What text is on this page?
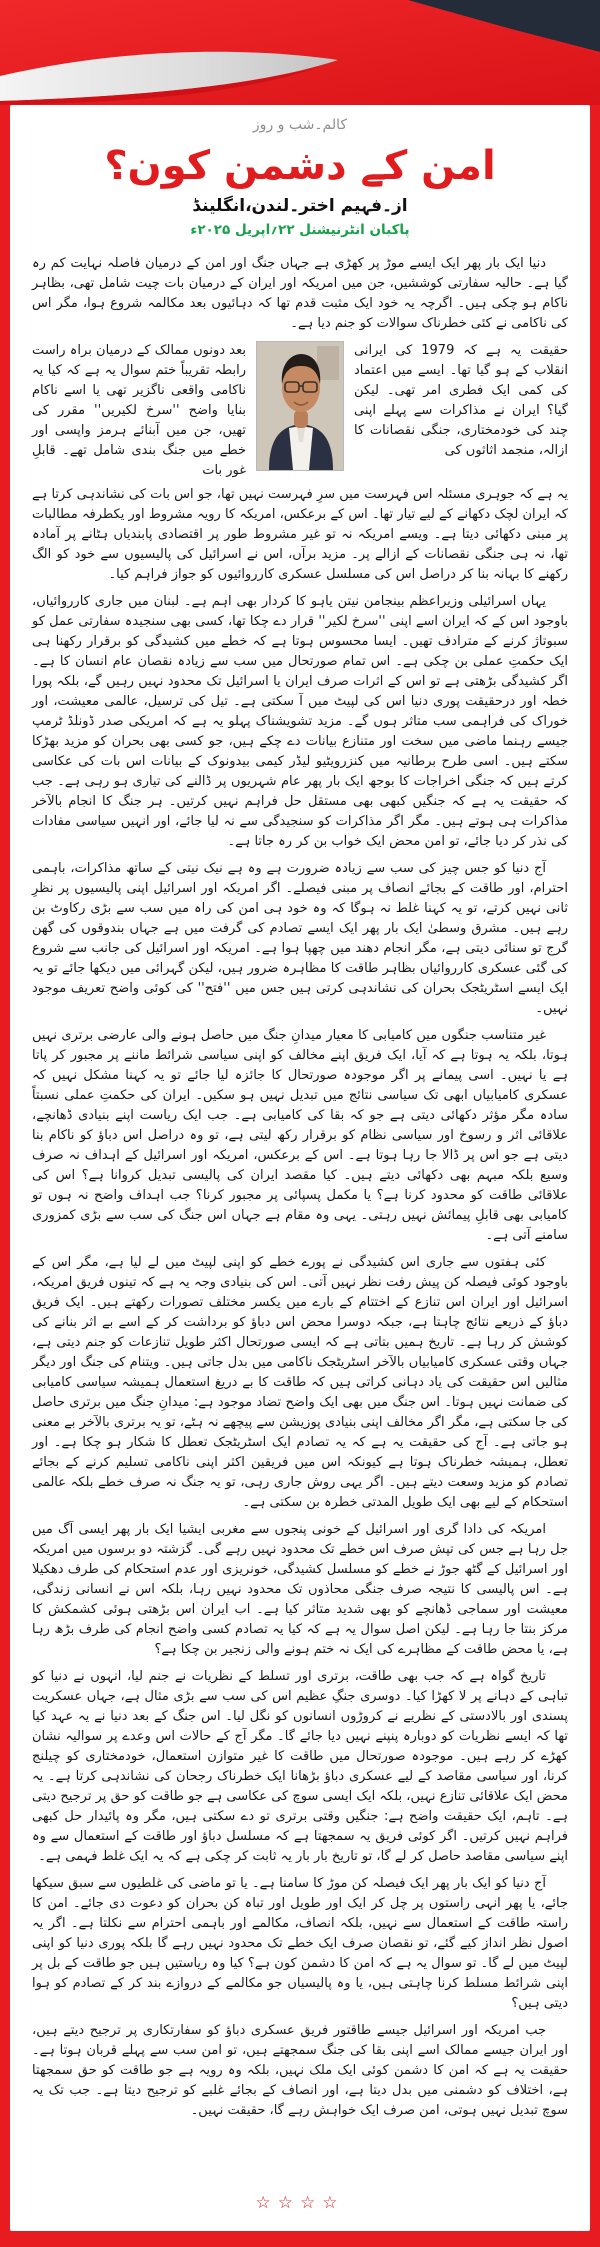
کالم۔شب و روز
امن کے دشمن کون؟
از۔فہیم اختر۔لندن،انگلینڈ
پاکبان انٹرنیشنل ۲۲؍اپریل ۲۰۲۵ء

دنیا ایک بار پھر ایک ایسے موڑ پر کھڑی ہے جہاں جنگ اور امن کے درمیان فاصلہ نہایت کم رہ گیا ہے۔ حالیہ سفارتی کوششیں، جن میں امریکہ اور ایران کے درمیان بات چیت شامل تھی، بظاہر ناکام ہو چکی ہیں۔ اگرچہ یہ خود ایک مثبت قدم تھا کہ دہائیوں بعد مکالمہ شروع ہوا، مگر اس کی ناکامی نے کئی خطرناک سوالات کو جنم دیا ہے۔

حقیقت یہ ہے کہ 1979 کی ایرانی انقلاب کے ہو گیا تھا۔ ایسے میں اعتماد کی کمی ایک فطری امر تھی۔ لیکن گیا؟ ایران نے مذاکرات سے پہلے اپنی چند کی خودمختاری، جنگی نقصانات کا ازالہ، منجمد اثاثوں کی
بعد دونوں ممالک کے درمیان براہ راست رابطہ تقریباً ختم سوال یہ ہے کہ کیا یہ ناکامی واقعی ناگزیر تھی یا اسے ناکام بنایا واضح ''سرخ لکیریں'' مقرر کی تھیں، جن میں آبنائے ہرمز واپسی اور خطے میں جنگ بندی شامل تھے۔ قابلِ غور بات

یہ ہے کہ جوہری مسئلہ اس فہرست میں سرِ فہرست نہیں تھا، جو اس بات کی نشاندہی کرتا ہے کہ ایران لچک دکھانے کے لیے تیار تھا۔ اس کے برعکس، امریکہ کا رویہ مشروط اور یکطرفہ مطالبات پر مبنی دکھائی دیتا ہے۔ ویسے امریکہ نہ تو غیر مشروط طور پر اقتصادی پابندیاں ہٹانے پر آمادہ تھا، نہ ہی جنگی نقصانات کے ازالے پر۔ مزید برآں، اس نے اسرائیل کی پالیسیوں سے خود کو الگ رکھنے کا بہانہ بنا کر دراصل اس کی مسلسل عسکری کارروائیوں کو جواز فراہم کیا۔

یہاں اسرائیلی وزیراعظم بینجامن نیتن یاہو کا کردار بھی اہم ہے۔ لبنان میں جاری کارروائیاں، باوجود اس کے کہ ایران اسے اپنی ''سرخ لکیر'' قرار دے چکا تھا، کسی بھی سنجیدہ سفارتی عمل کو سبوتاژ کرنے کے مترادف تھیں۔ ایسا محسوس ہوتا ہے کہ خطے میں کشیدگی کو برقرار رکھنا ہی ایک حکمتِ عملی بن چکی ہے۔ اس تمام صورتحال میں سب سے زیادہ نقصان عام انسان کا ہے۔ اگر کشیدگی بڑھتی ہے تو اس کے اثرات صرف ایران یا اسرائیل تک محدود نہیں رہیں گے، بلکہ پورا خطہ اور درحقیقت پوری دنیا اس کی لپیٹ میں آ سکتی ہے۔ تیل کی ترسیل، عالمی معیشت، اور خوراک کی فراہمی سب متاثر ہوں گے۔ مزید تشویشناک پہلو یہ ہے کہ امریکی صدر ڈونلڈ ٹرمپ جیسے رہنما ماضی میں سخت اور متنازع بیانات دے چکے ہیں، جو کسی بھی بحران کو مزید بھڑکا سکتے ہیں۔ اسی طرح برطانیہ میں کنزرویٹیو لیڈر کیمی بیدونوک کے بیانات اس بات کی عکاسی کرتے ہیں کہ جنگی اخراجات کا بوجھ ایک بار پھر عام شہریوں پر ڈالنے کی تیاری ہو رہی ہے۔ جب کہ حقیقت یہ ہے کہ جنگیں کبھی بھی مستقل حل فراہم نہیں کرتیں۔ ہر جنگ کا انجام بالآخر مذاکرات ہی ہوتے ہیں۔ مگر اگر مذاکرات کو سنجیدگی سے نہ لیا جائے، اور انہیں سیاسی مفادات کی نذر کر دیا جائے، تو امن محض ایک خواب بن کر رہ جاتا ہے۔

آج دنیا کو جس چیز کی سب سے زیادہ ضرورت ہے وہ ہے نیک نیتی کے ساتھ مذاکرات، باہمی احترام، اور طاقت کے بجائے انصاف پر مبنی فیصلے۔ اگر امریکہ اور اسرائیل اپنی پالیسیوں پر نظرِ ثانی نہیں کرتے، تو یہ کہنا غلط نہ ہوگا کہ وہ خود ہی امن کی راہ میں سب سے بڑی رکاوٹ بن رہے ہیں۔ مشرق وسطیٰ ایک بار پھر ایک ایسے تصادم کی گرفت میں ہے جہاں بندوقوں کی گھن گرج تو سنائی دیتی ہے، مگر انجام دھند میں چھپا ہوا ہے۔ امریکہ اور اسرائیل کی جانب سے شروع کی گئی عسکری کارروائیاں بظاہر طاقت کا مظاہرہ ضرور ہیں، لیکن گہرائی میں دیکھا جائے تو یہ ایک ایسے اسٹریٹجک بحران کی نشاندہی کرتی ہیں جس میں ''فتح'' کی کوئی واضح تعریف موجود نہیں۔

غیر متناسب جنگوں میں کامیابی کا معیار میدانِ جنگ میں حاصل ہونے والی عارضی برتری نہیں ہوتا، بلکہ یہ ہوتا ہے کہ آیا، ایک فریق اپنے مخالف کو اپنی سیاسی شرائط ماننے پر مجبور کر پاتا ہے یا نہیں۔ اسی پیمانے پر اگر موجودہ صورتحال کا جائزہ لیا جائے تو یہ کہنا مشکل نہیں کہ عسکری کامیابیاں ابھی تک سیاسی نتائج میں تبدیل نہیں ہو سکیں۔ ایران کی حکمتِ عملی نسبتاً سادہ مگر مؤثر دکھائی دیتی ہے جو کہ بقا کی کامیابی ہے۔ جب ایک ریاست اپنے بنیادی ڈھانچے، علاقائی اثر و رسوخ اور سیاسی نظام کو برقرار رکھ لیتی ہے، تو وہ دراصل اس دباؤ کو ناکام بنا دیتی ہے جو اس پر ڈالا جا رہا ہوتا ہے۔ اس کے برعکس، امریکہ اور اسرائیل کے اہداف نہ صرف وسیع بلکہ مبہم بھی دکھائی دیتے ہیں۔ کیا مقصد ایران کی پالیسی تبدیل کروانا ہے؟ اس کی علاقائی طاقت کو محدود کرنا ہے؟ یا مکمل پسپائی پر مجبور کرنا؟ جب اہداف واضح نہ ہوں تو کامیابی بھی قابلِ پیمائش نہیں رہتی۔ یہی وہ مقام ہے جہاں اس جنگ کی سب سے بڑی کمزوری سامنے آتی ہے۔

کئی ہفتوں سے جاری اس کشیدگی نے پورے خطے کو اپنی لپیٹ میں لے لیا ہے، مگر اس کے باوجود کوئی فیصلہ کن پیش رفت نظر نہیں آتی۔ اس کی بنیادی وجہ یہ ہے کہ تینوں فریق امریکہ، اسرائیل اور ایران اس تنازع کے اختتام کے بارے میں یکسر مختلف تصورات رکھتے ہیں۔ ایک فریق دباؤ کے ذریعے نتائج چاہتا ہے، جبکہ دوسرا محض اس دباؤ کو برداشت کر کے اسے بے اثر بنانے کی کوشش کر رہا ہے۔ تاریخ ہمیں بتاتی ہے کہ ایسی صورتحال اکثر طویل تنازعات کو جنم دیتی ہے، جہاں وقتی عسکری کامیابیاں بالآخر اسٹریٹجک ناکامی میں بدل جاتی ہیں۔ ویتنام کی جنگ اور دیگر مثالیں اس حقیقت کی یاد دہانی کراتی ہیں کہ طاقت کا بے دریغ استعمال ہمیشہ سیاسی کامیابی کی ضمانت نہیں ہوتا۔ اس جنگ میں بھی ایک واضح تضاد موجود ہے: میدانِ جنگ میں برتری حاصل کی جا سکتی ہے، مگر اگر مخالف اپنی بنیادی پوزیشن سے پیچھے نہ ہٹے، تو یہ برتری بالآخر بے معنی ہو جاتی ہے۔ آج کی حقیقت یہ ہے کہ یہ تصادم ایک اسٹریٹجک تعطل کا شکار ہو چکا ہے۔ اور تعطل، ہمیشہ خطرناک ہوتا ہے کیونکہ اس میں فریقین اکثر اپنی ناکامی تسلیم کرنے کے بجائے تصادم کو مزید وسعت دیتے ہیں۔ اگر یہی روش جاری رہی، تو یہ جنگ نہ صرف خطے بلکہ عالمی استحکام کے لیے بھی ایک طویل المدتی خطرہ بن سکتی ہے۔

امریکہ کی دادا گری اور اسرائیل کے خونی پنجوں سے مغربی ایشیا ایک بار پھر ایسی آگ میں جل رہا ہے جس کی تپش صرف اس خطے تک محدود نہیں رہے گی۔ گزشتہ دو برسوں میں امریکہ اور اسرائیل کے گٹھ جوڑ نے خطے کو مسلسل کشیدگی، خونریزی اور عدم استحکام کی طرف دھکیلا ہے۔ اس پالیسی کا نتیجہ صرف جنگی محاذوں تک محدود نہیں رہا، بلکہ اس نے انسانی زندگی، معیشت اور سماجی ڈھانچے کو بھی شدید متاثر کیا ہے۔ اب ایران اس بڑھتی ہوئی کشمکش کا مرکز بنتا جا رہا ہے۔ لیکن اصل سوال یہ ہے کہ کیا یہ تصادم کسی واضح انجام کی طرف بڑھ رہا ہے، یا محض طاقت کے مظاہرے کی ایک نہ ختم ہونے والی زنجیر بن چکا ہے؟

تاریخ گواہ ہے کہ جب بھی طاقت، برتری اور تسلط کے نظریات نے جنم لیا، انہوں نے دنیا کو تباہی کے دہانے پر لا کھڑا کیا۔ دوسری جنگِ عظیم اس کی سب سے بڑی مثال ہے، جہاں عسکریت پسندی اور بالادستی کے نظریے نے کروڑوں انسانوں کو نگل لیا۔ اس جنگ کے بعد دنیا نے یہ عہد کیا تھا کہ ایسے نظریات کو دوبارہ پنپنے نہیں دیا جائے گا۔ مگر آج کے حالات اس وعدے پر سوالیہ نشان کھڑے کر رہے ہیں۔ موجودہ صورتحال میں طاقت کا غیر متوازن استعمال، خودمختاری کو چیلنج کرنا، اور سیاسی مقاصد کے لیے عسکری دباؤ بڑھانا ایک خطرناک رجحان کی نشاندہی کرتا ہے۔ یہ محض ایک علاقائی تنازع نہیں، بلکہ ایک ایسی سوچ کی عکاسی ہے جو طاقت کو حق پر ترجیح دیتی ہے۔ تاہم، ایک حقیقت واضح ہے: جنگیں وقتی برتری تو دے سکتی ہیں، مگر وہ پائیدار حل کبھی فراہم نہیں کرتیں۔ اگر کوئی فریق یہ سمجھتا ہے کہ مسلسل دباؤ اور طاقت کے استعمال سے وہ اپنے سیاسی مقاصد حاصل کر لے گا، تو تاریخ بار بار یہ ثابت کر چکی ہے کہ یہ ایک غلط فہمی ہے۔

آج دنیا کو ایک بار پھر ایک فیصلہ کن موڑ کا سامنا ہے۔ یا تو ماضی کی غلطیوں سے سبق سیکھا جائے، یا پھر انہی راستوں پر چل کر ایک اور طویل اور تباہ کن بحران کو دعوت دی جائے۔ امن کا راستہ طاقت کے استعمال سے نہیں، بلکہ انصاف، مکالمے اور باہمی احترام سے نکلتا ہے۔ اگر یہ اصول نظر انداز کیے گئے، تو نقصان صرف ایک خطے تک محدود نہیں رہے گا بلکہ پوری دنیا کو اپنی لپیٹ میں لے گا۔ تو سوال یہ ہے کہ امن کا دشمن کون ہے؟ کیا وہ ریاستیں ہیں جو طاقت کے بل پر اپنی شرائط مسلط کرنا چاہتی ہیں، یا وہ پالیسیاں جو مکالمے کے دروازے بند کر کے تصادم کو ہوا دیتی ہیں؟

جب امریکہ اور اسرائیل جیسے طاقتور فریق عسکری دباؤ کو سفارتکاری پر ترجیح دیتے ہیں، اور ایران جیسے ممالک اسے اپنی بقا کی جنگ سمجھتے ہیں، تو امن سب سے پہلے قربان ہوتا ہے۔ حقیقت یہ ہے کہ امن کا دشمن کوئی ایک ملک نہیں، بلکہ وہ رویہ ہے جو طاقت کو حق سمجھتا ہے، اختلاف کو دشمنی میں بدل دیتا ہے، اور انصاف کے بجائے غلبے کو ترجیح دیتا ہے۔ جب تک یہ سوچ تبدیل نہیں ہوتی، امن صرف ایک خواہش رہے گا، حقیقت نہیں۔

☆☆☆☆
